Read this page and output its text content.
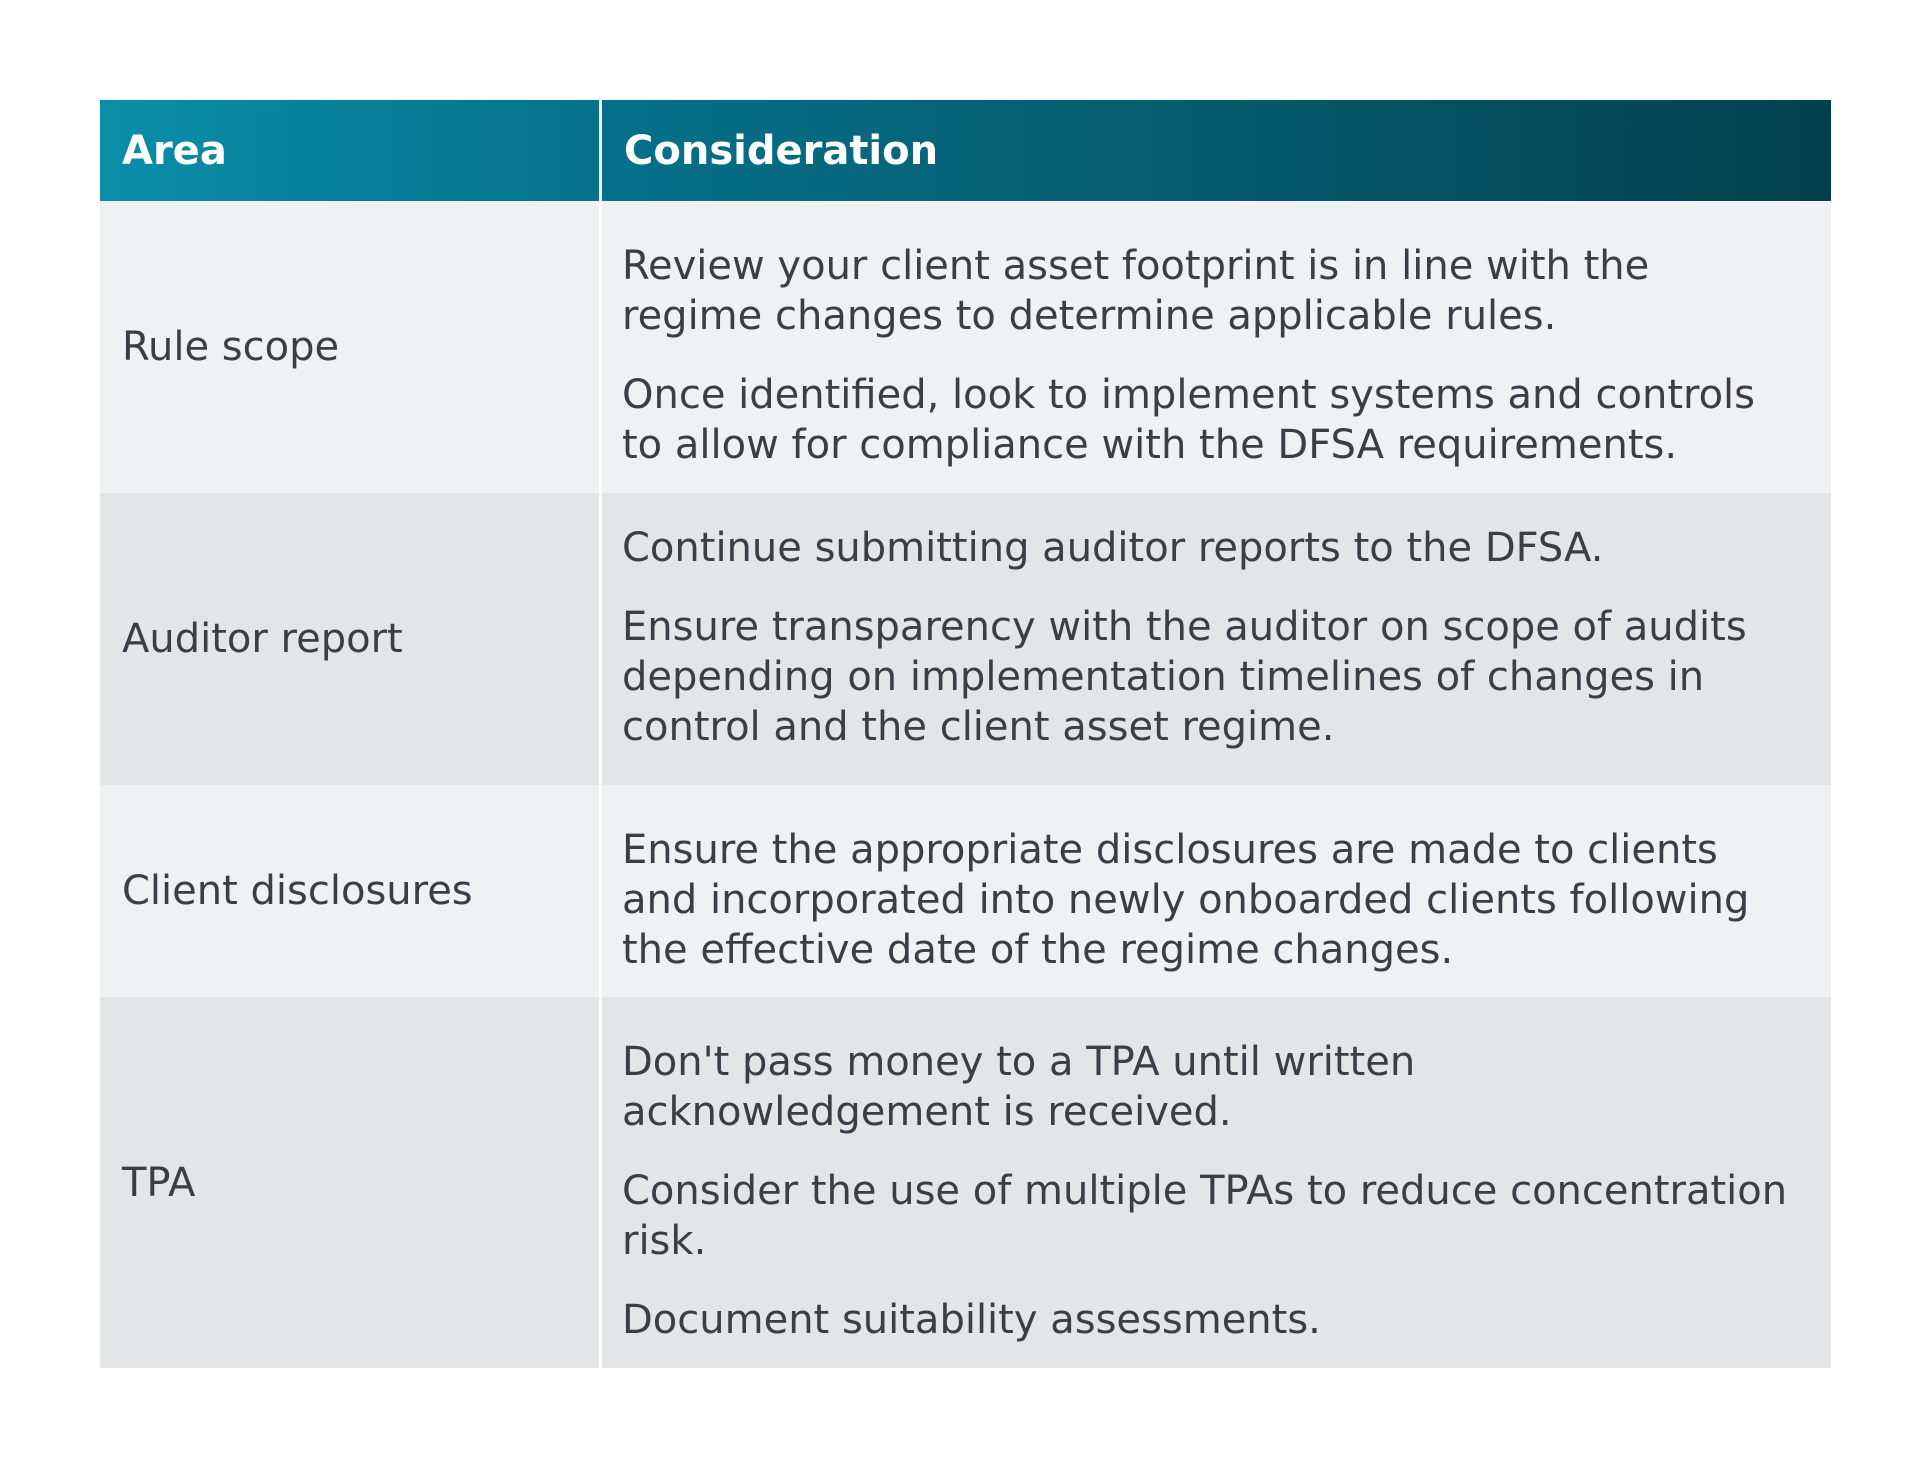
Area	Consideration
Rule scope

Review your client asset footprint is in line with the regime changes to determine applicable rules.

Once identified, look to implement systems and controls to allow for compliance with the DFSA requirements.

Auditor report

Continue submitting auditor reports to the DFSA.

Ensure transparency with the auditor on scope of audits depending on implementation timelines of changes in control and the client asset regime.

Client disclosures

Ensure the appropriate disclosures are made to clients and incorporated into newly onboarded clients following the effective date of the regime changes.

TPA

Don't pass money to a TPA until written acknowledgement is received.

Consider the use of multiple TPAs to reduce concentration risk.

Document suitability assessments.
